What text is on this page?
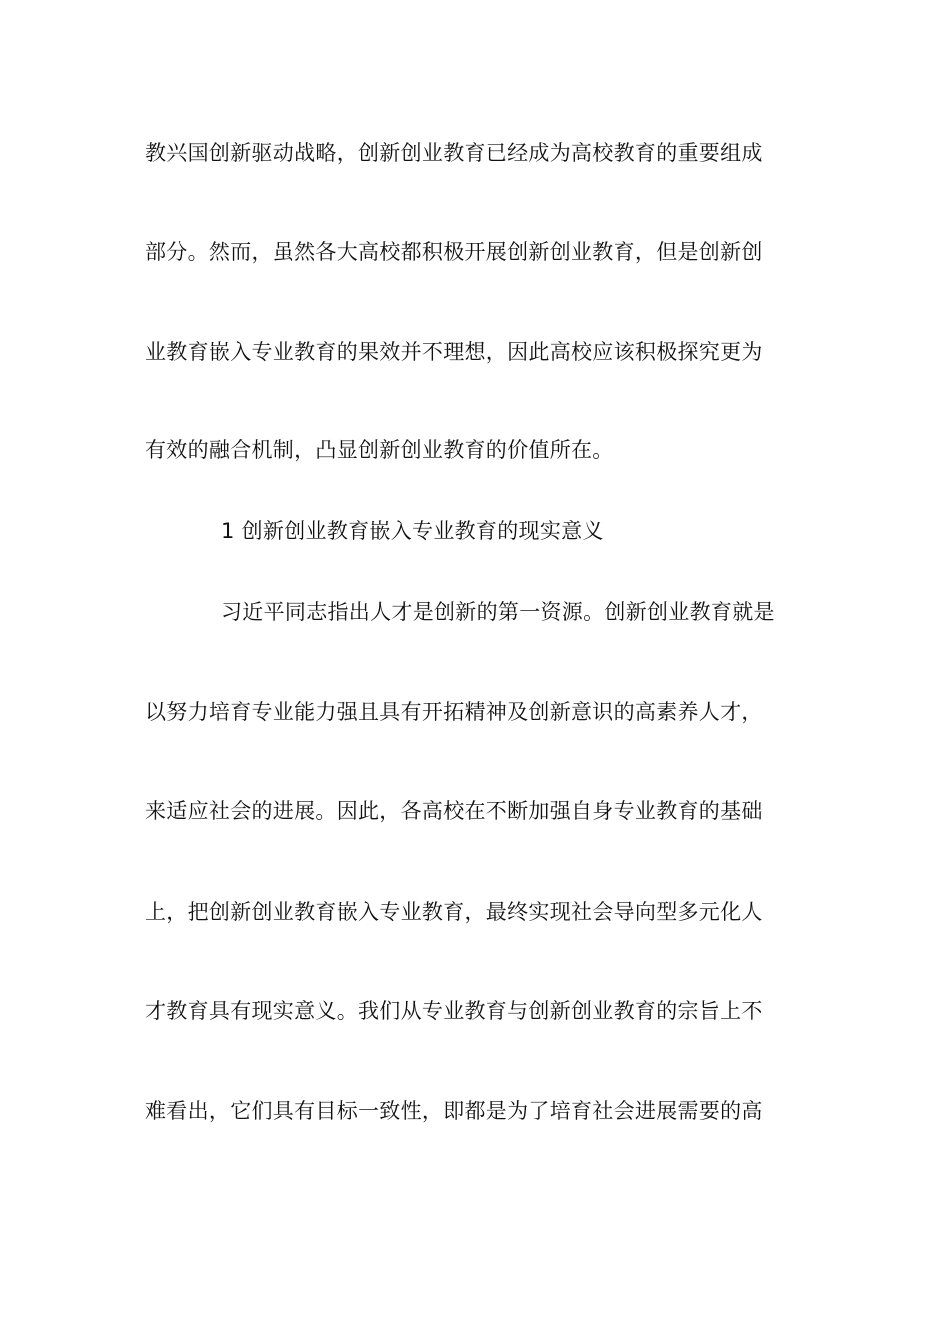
教兴国创新驱动战略，创新创业教育已经成为高校教育的重要组成
部分。然而，虽然各大高校都积极开展创新创业教育，但是创新创
业教育嵌入专业教育的果效并不理想，因此高校应该积极探究更为
有效的融合机制，凸显创新创业教育的价值所在。
1 创新创业教育嵌入专业教育的现实意义
习近平同志指出人才是创新的第一资源。创新创业教育就是
以努力培育专业能力强且具有开拓精神及创新意识的高素养人才，
来适应社会的进展。因此，各高校在不断加强自身专业教育的基础
上，把创新创业教育嵌入专业教育，最终实现社会导向型多元化人
才教育具有现实意义。我们从专业教育与创新创业教育的宗旨上不
难看出，它们具有目标一致性，即都是为了培育社会进展需要的高
